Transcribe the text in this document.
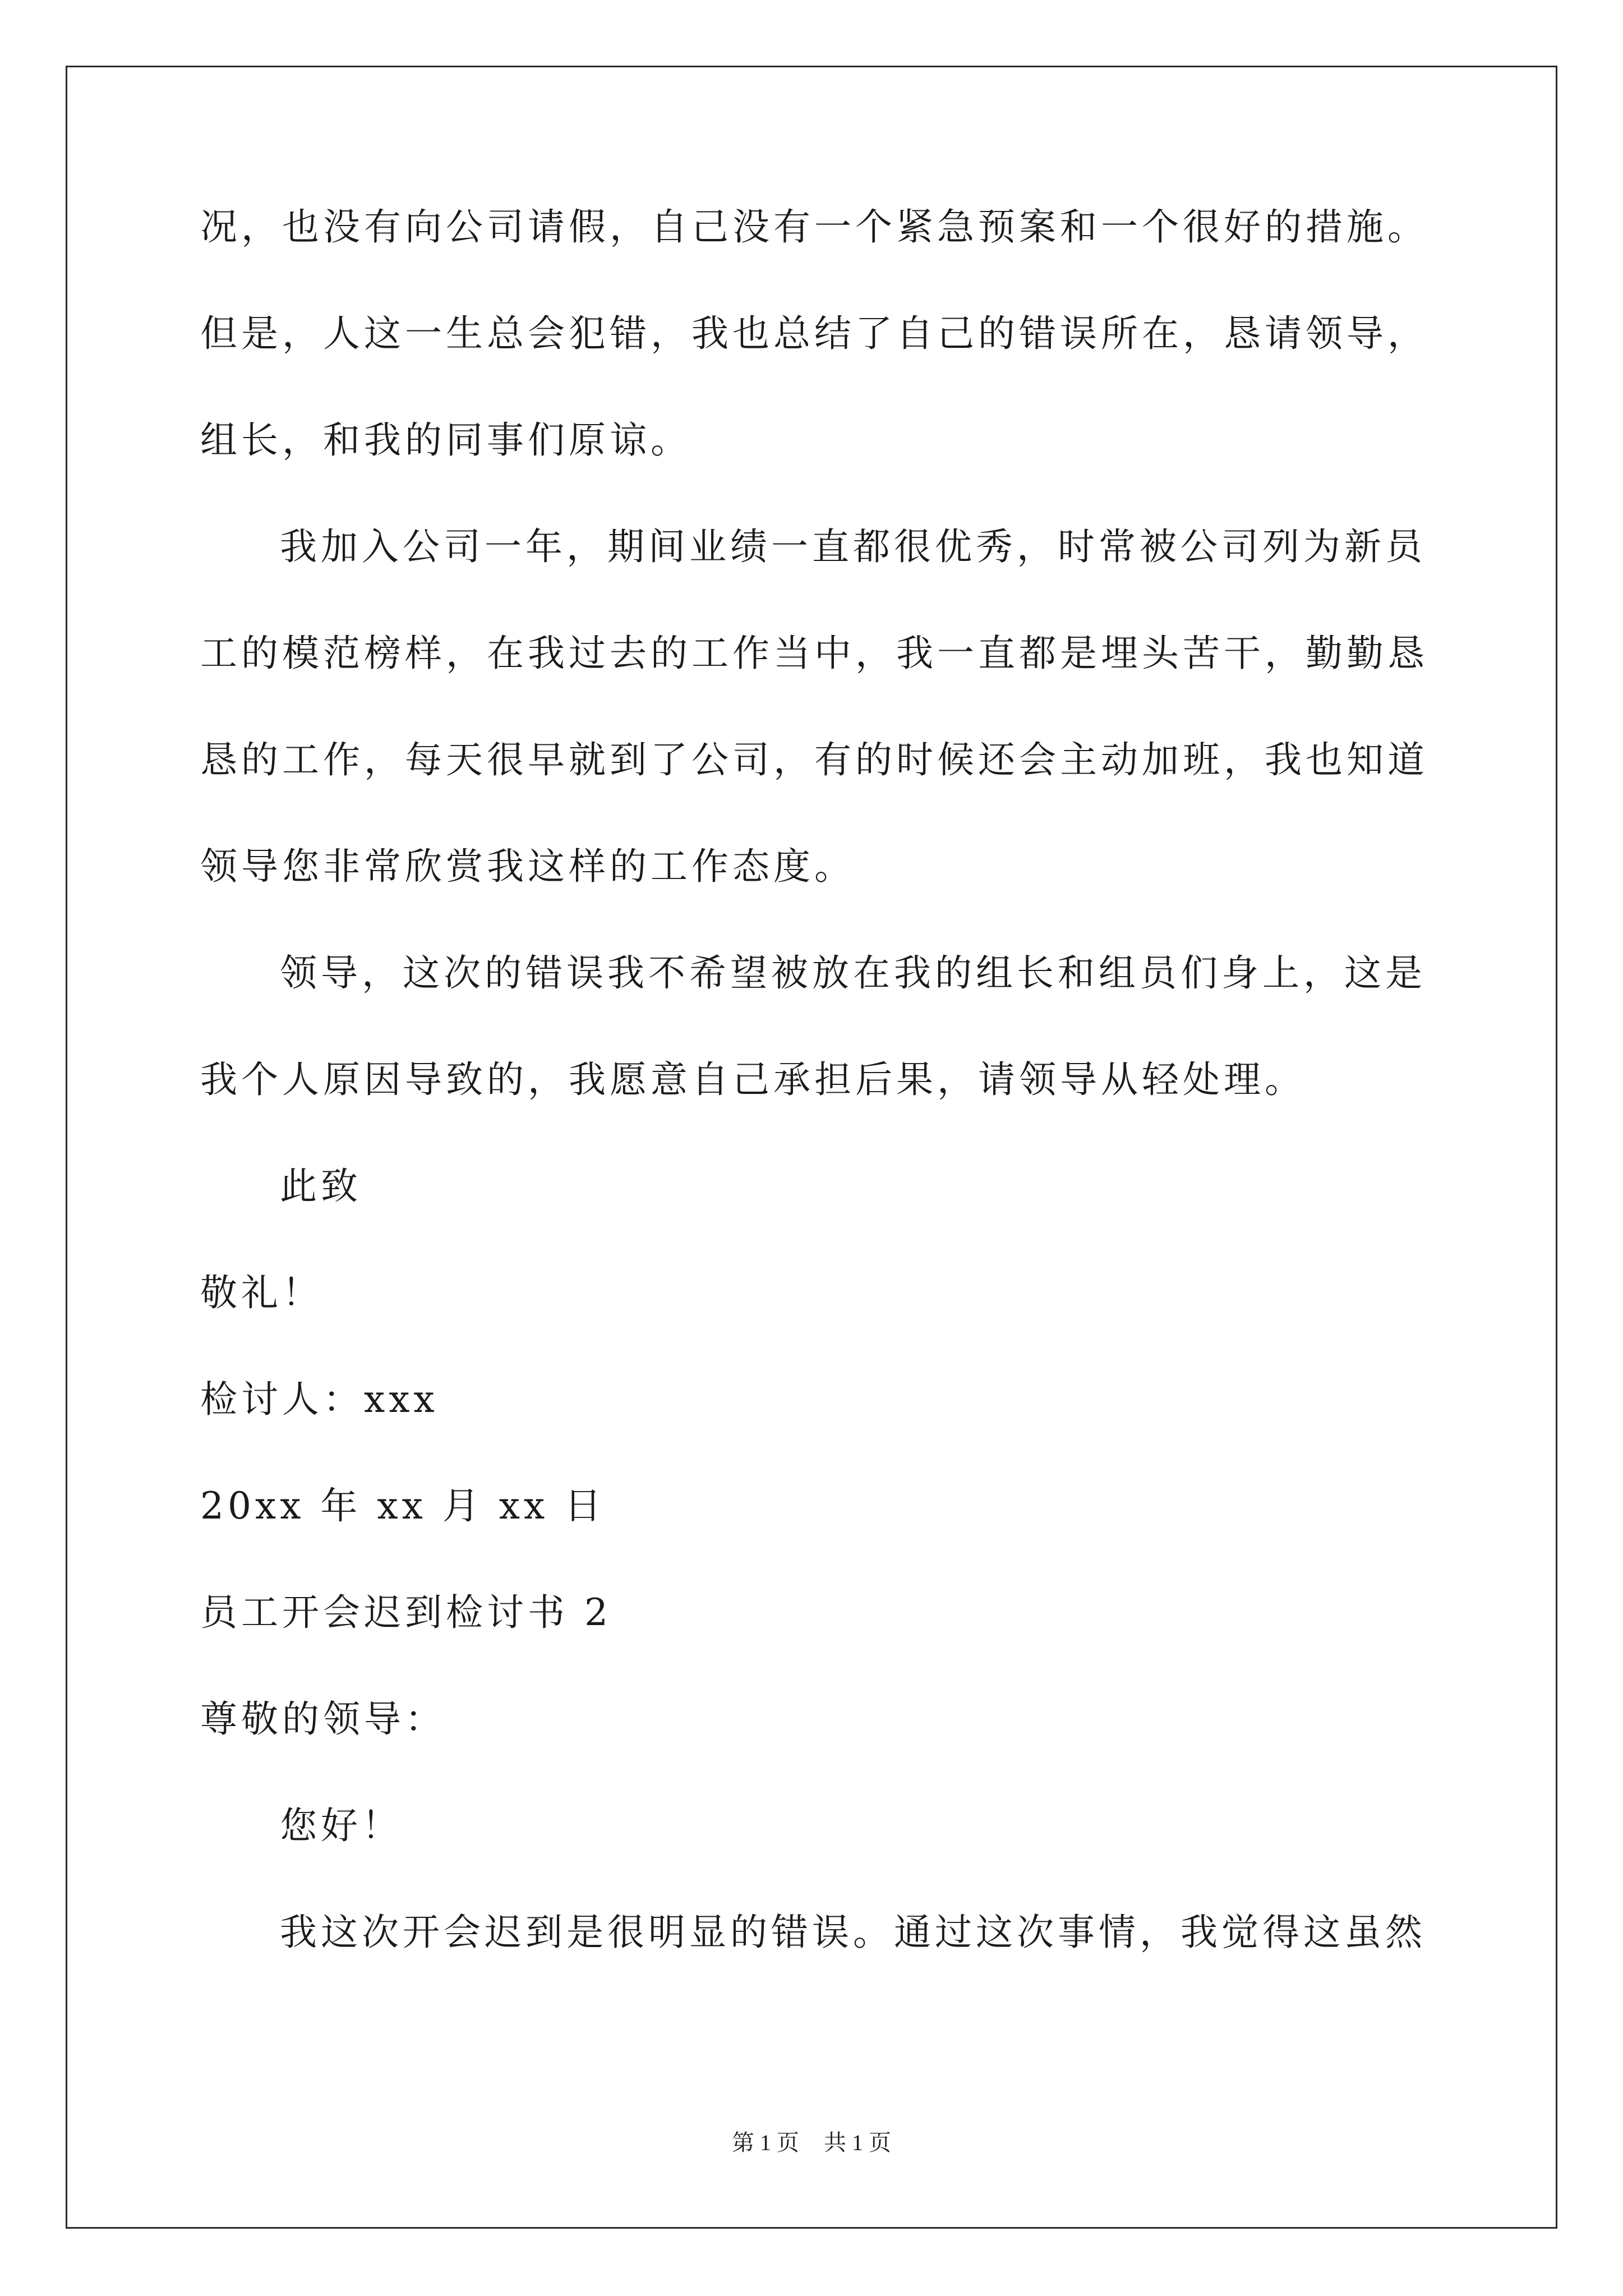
况，也没有向公司请假，自己没有一个紧急预案和一个很好的措施。
但是，人这一生总会犯错，我也总结了自己的错误所在，恳请领导，
组长，和我的同事们原谅。
我加入公司一年，期间业绩一直都很优秀，时常被公司列为新员
工的模范榜样，在我过去的工作当中，我一直都是埋头苦干，勤勤恳
恳的工作，每天很早就到了公司，有的时候还会主动加班，我也知道
领导您非常欣赏我这样的工作态度。
领导，这次的错误我不希望被放在我的组长和组员们身上，这是
我个人原因导致的，我愿意自己承担后果，请领导从轻处理。
此致
敬礼！
检讨人：xxx
20xx 年 xx 月 xx 日
员工开会迟到检讨书 2
尊敬的领导：
您好！
我这次开会迟到是很明显的错误。通过这次事情，我觉得这虽然
第 1 页 共 1 页
